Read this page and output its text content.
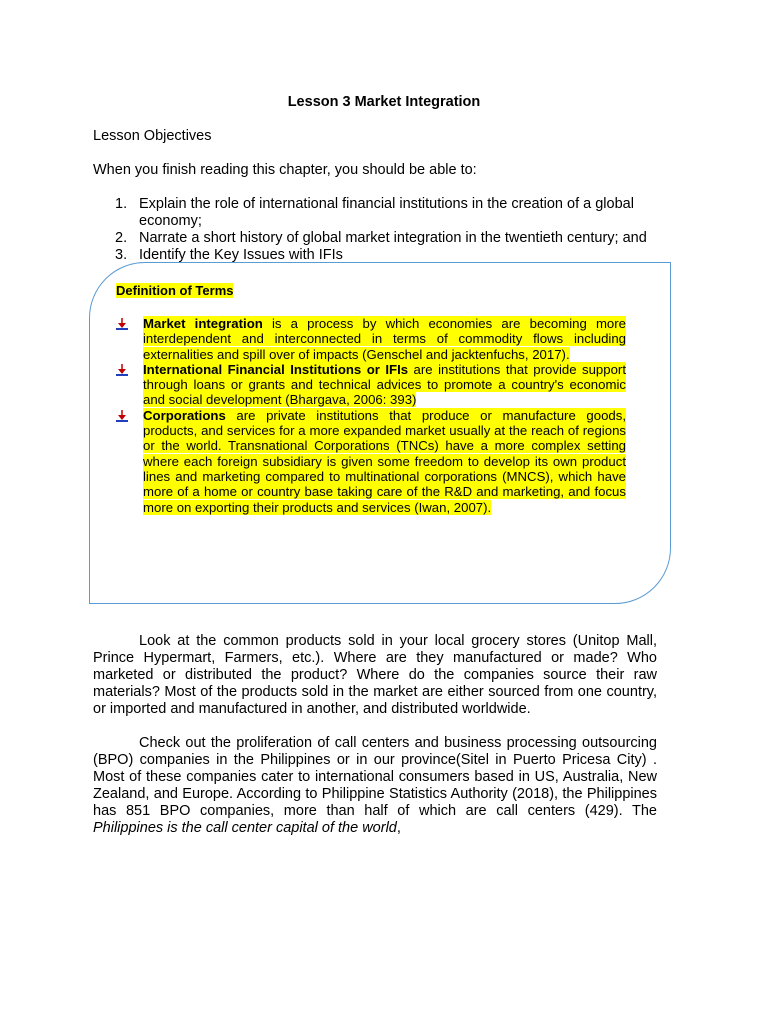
Lesson 3 Market Integration
Lesson Objectives
When you finish reading this chapter, you should be able to:
1. Explain the role of international financial institutions in the creation of a global economy;
2. Narrate a short history of global market integration in the twentieth century; and
3. Identify the Key Issues with IFIs
Definition of Terms
Market integration is a process by which economies are becoming more interdependent and interconnected in terms of commodity flows including externalities and spill over of impacts (Genschel and jacktenfuchs, 2017).
International Financial Institutions or IFIs are institutions that provide support through loans or grants and technical advices to promote a country's economic and social development (Bhargava, 2006: 393)
Corporations are private institutions that produce or manufacture goods, products, and services for a more expanded market usually at the reach of regions or the world. Transnational Corporations (TNCs) have a more complex setting where each foreign subsidiary is given some freedom to develop its own product lines and marketing compared to multinational corporations (MNCS), which have more of a home or country base taking care of the R&D and marketing, and focus more on exporting their products and services (Iwan, 2007).
Look at the common products sold in your local grocery stores (Unitop Mall, Prince Hypermart, Farmers, etc.). Where are they manufactured or made? Who marketed or distributed the product? Where do the companies source their raw materials? Most of the products sold in the market are either sourced from one country, or imported and manufactured in another, and distributed worldwide.
Check out the proliferation of call centers and business processing outsourcing (BPO) companies in the Philippines or in our province(Sitel in Puerto Pricesa City) . Most of these companies cater to international consumers based in US, Australia, New Zealand, and Europe. According to Philippine Statistics Authority (2018), the Philippines has 851 BPO companies, more than half of which are call centers (429). The Philippines is the call center capital of the world,
